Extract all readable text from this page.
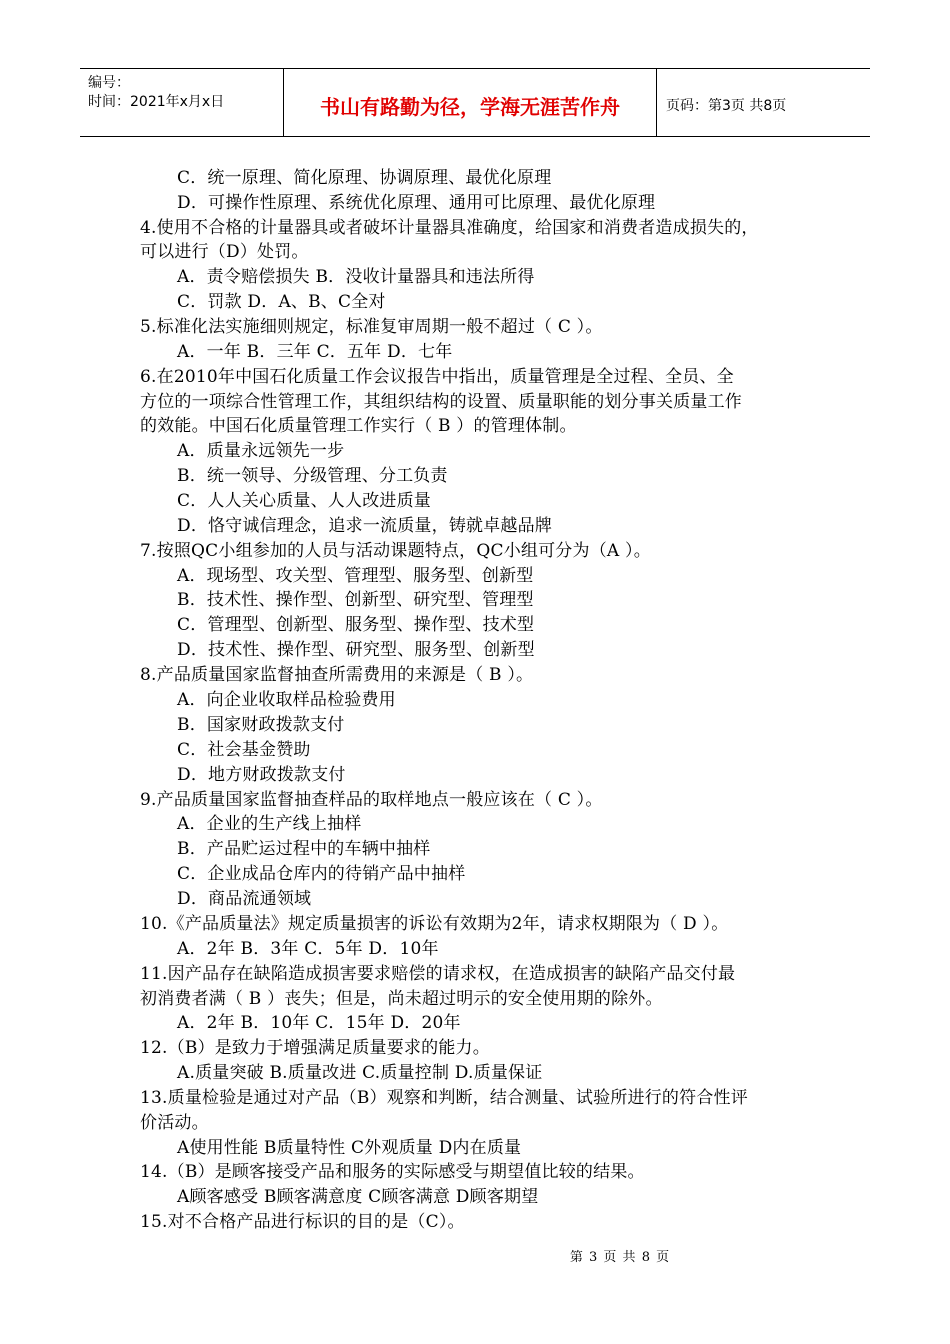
编号：
时间：2021年x月x日	书山有路勤为径，学海无涯苦作舟	页码：第3页 共8页
C．统一原理、简化原理、协调原理、最优化原理
D．可操作性原理、系统优化原理、通用可比原理、最优化原理
4.使用不合格的计量器具或者破坏计量器具准确度，给国家和消费者造成损失的，
可以进行（D）处罚。
A．责令赔偿损失 B．没收计量器具和违法所得
C．罚款 D．A、B、C全对
5.标准化法实施细则规定，标准复审周期一般不超过（ C ）。
A．一年 B．三年 C．五年 D．七年
6.在2010年中国石化质量工作会议报告中指出，质量管理是全过程、全员、全
方位的一项综合性管理工作，其组织结构的设置、质量职能的划分事关质量工作
的效能。中国石化质量管理工作实行（ B ）的管理体制。
A．质量永远领先一步
B．统一领导、分级管理、分工负责
C．人人关心质量、人人改进质量
D．恪守诚信理念，追求一流质量，铸就卓越品牌
7.按照QC小组参加的人员与活动课题特点，QC小组可分为（A ）。
A．现场型、攻关型、管理型、服务型、创新型
B．技术性、操作型、创新型、研究型、管理型
C．管理型、创新型、服务型、操作型、技术型
D．技术性、操作型、研究型、服务型、创新型
8.产品质量国家监督抽查所需费用的来源是（ B ）。
A．向企业收取样品检验费用
B．国家财政拨款支付
C．社会基金赞助
D．地方财政拨款支付
9.产品质量国家监督抽查样品的取样地点一般应该在（ C ）。
A．企业的生产线上抽样
B．产品贮运过程中的车辆中抽样
C．企业成品仓库内的待销产品中抽样
D．商品流通领域
10.《产品质量法》规定质量损害的诉讼有效期为2年，请求权期限为（ D ）。
A．2年 B．3年 C．5年 D．10年
11.因产品存在缺陷造成损害要求赔偿的请求权，在造成损害的缺陷产品交付最
初消费者满（ B ）丧失；但是，尚未超过明示的安全使用期的除外。
A．2年 B．10年 C．15年 D．20年
12.（B）是致力于增强满足质量要求的能力。
A.质量突破 B.质量改进 C.质量控制 D.质量保证
13.质量检验是通过对产品（B）观察和判断，结合测量、试验所进行的符合性评
价活动。
A使用性能 B质量特性 C外观质量 D内在质量
14.（B）是顾客接受产品和服务的实际感受与期望值比较的结果。
A顾客感受 B顾客满意度 C顾客满意 D顾客期望
15.对不合格产品进行标识的目的是（C）。
第 3 页 共 8 页
